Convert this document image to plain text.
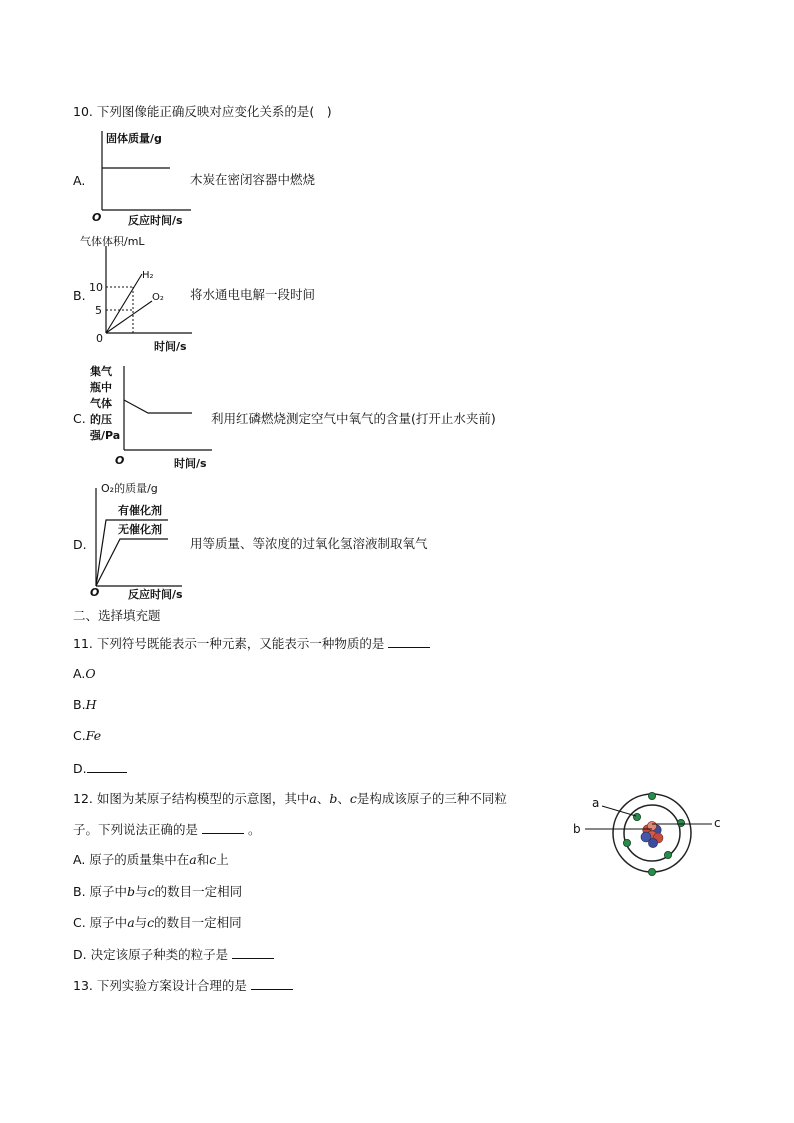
10. 下列图像能正确反映对应变化关系的是(　)
A.
固体质量/g
O 反应时间/s
木炭在密闭容器中燃烧
B.
气体体积/mL
10
5
0
H₂
O₂
时间/s
将水通电电解一段时间
C.
集气
瓶中
气体
的压
强/Pa
O	时间/s
利用红磷燃烧测定空气中氧气的含量(打开止水夹前)
D.
O₂的质量/g
有催化剂
无催化剂
O	反应时间/s
用等质量、等浓度的过氧化氢溶液制取氧气
二、选择填充题
11. 下列符号既能表示一种元素，又能表示一种物质的是
A.O
B.H
C.Fe
D.
12. 如图为某原子结构模型的示意图，其中a、b、c是构成该原子的三种不同粒
子。下列说法正确的是	。
A. 原子的质量集中在a和c上
B. 原子中b与c的数目一定相同
C. 原子中a与c的数目一定相同
D. 决定该原子种类的粒子是
a
b	c
13. 下列实验方案设计合理的是
